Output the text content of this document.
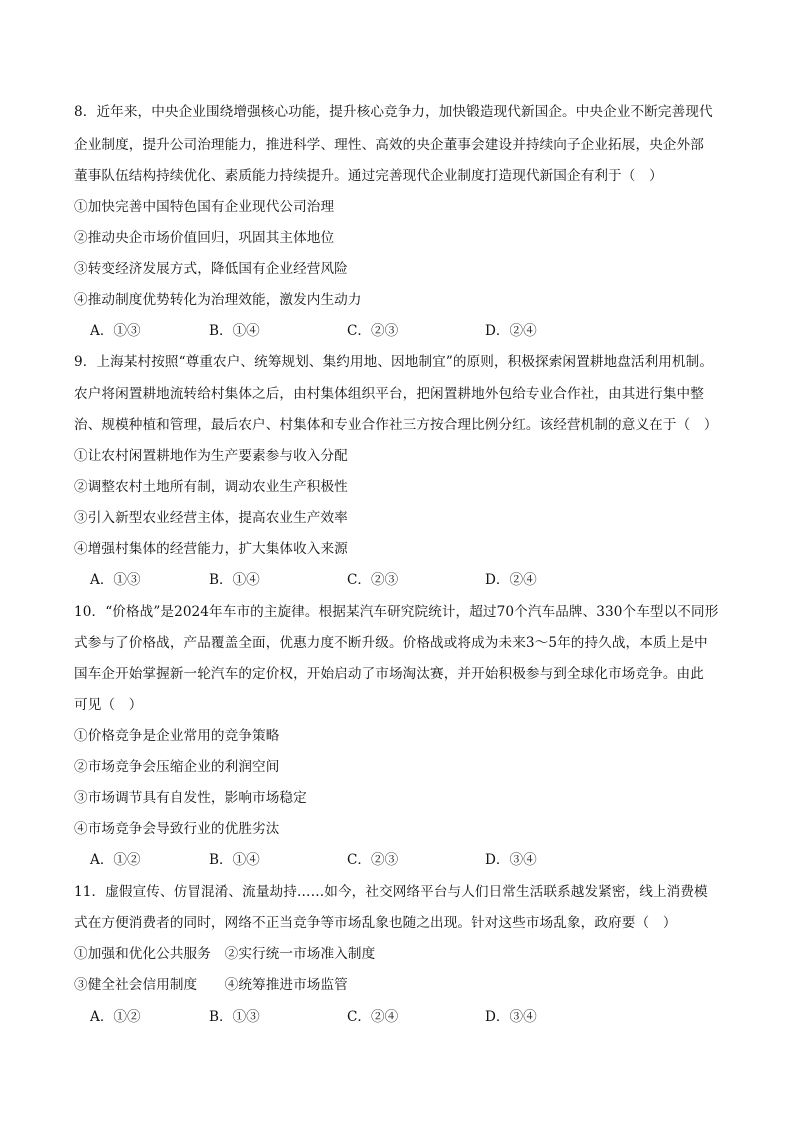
8．近年来，中央企业围绕增强核心功能，提升核心竞争力，加快锻造现代新国企。中央企业不断完善现代
企业制度，提升公司治理能力，推进科学、理性、高效的央企董事会建设并持续向子企业拓展，央企外部
董事队伍结构持续优化、素质能力持续提升。通过完善现代企业制度打造现代新国企有利于（　）
①加快完善中国特色国有企业现代公司治理
②推动央企市场价值回归，巩固其主体地位
③转变经济发展方式，降低国有企业经营风险
④推动制度优势转化为治理效能，激发内生动力
A．①③	B．①④	C．②③	D．②④
9．上海某村按照“尊重农户、统筹规划、集约用地、因地制宜”的原则，积极探索闲置耕地盘活利用机制。
农户将闲置耕地流转给村集体之后，由村集体组织平台，把闲置耕地外包给专业合作社，由其进行集中整
治、规模种植和管理，最后农户、村集体和专业合作社三方按合理比例分红。该经营机制的意义在于（　）
①让农村闲置耕地作为生产要素参与收入分配
②调整农村土地所有制，调动农业生产积极性
③引入新型农业经营主体，提高农业生产效率
④增强村集体的经营能力，扩大集体收入来源
A．①③	B．①④	C．②③	D．②④
10．“价格战”是2024年车市的主旋律。根据某汽车研究院统计，超过70个汽车品牌、330个车型以不同形
式参与了价格战，产品覆盖全面，优惠力度不断升级。价格战或将成为未来3～5年的持久战，本质上是中
国车企开始掌握新一轮汽车的定价权，开始启动了市场淘汰赛，并开始积极参与到全球化市场竞争。由此
可见（　）
①价格竞争是企业常用的竞争策略
②市场竞争会压缩企业的利润空间
③市场调节具有自发性，影响市场稳定
④市场竞争会导致行业的优胜劣汰
A．①②	B．①④	C．②③	D．③④
11．虚假宣传、仿冒混淆、流量劫持……如今，社交网络平台与人们日常生活联系越发紧密，线上消费模
式在方便消费者的同时，网络不正当竞争等市场乱象也随之出现。针对这些市场乱象，政府要（　）
①加强和优化公共服务　②实行统一市场准入制度
③健全社会信用制度　　④统筹推进市场监管
A．①②	B．①③	C．②④	D．③④
